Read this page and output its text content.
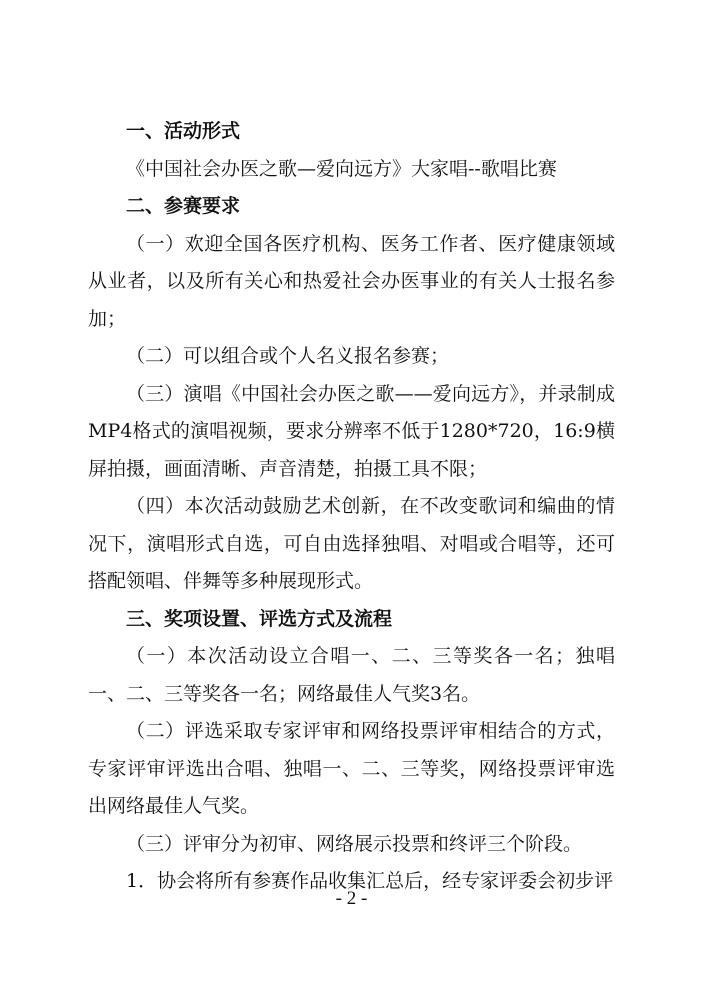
一、活动形式

《中国社会办医之歌—爱向远方》大家唱--歌唱比赛

二、参赛要求

（一）欢迎全国各医疗机构、医务工作者、医疗健康领域从业者，以及所有关心和热爱社会办医事业的有关人士报名参加；

（二）可以组合或个人名义报名参赛；

（三）演唱《中国社会办医之歌——爱向远方》，并录制成MP4格式的演唱视频，要求分辨率不低于1280*720，16:9横屏拍摄，画面清晰、声音清楚，拍摄工具不限；

（四）本次活动鼓励艺术创新，在不改变歌词和编曲的情况下，演唱形式自选，可自由选择独唱、对唱或合唱等，还可搭配领唱、伴舞等多种展现形式。

三、奖项设置、评选方式及流程

（一）本次活动设立合唱一、二、三等奖各一名；独唱一、二、三等奖各一名；网络最佳人气奖3名。

（二）评选采取专家评审和网络投票评审相结合的方式，专家评审评选出合唱、独唱一、二、三等奖，网络投票评审选出网络最佳人气奖。

（三）评审分为初审、网络展示投票和终评三个阶段。

1．协会将所有参赛作品收集汇总后，经专家评委会初步评

- 2 -
